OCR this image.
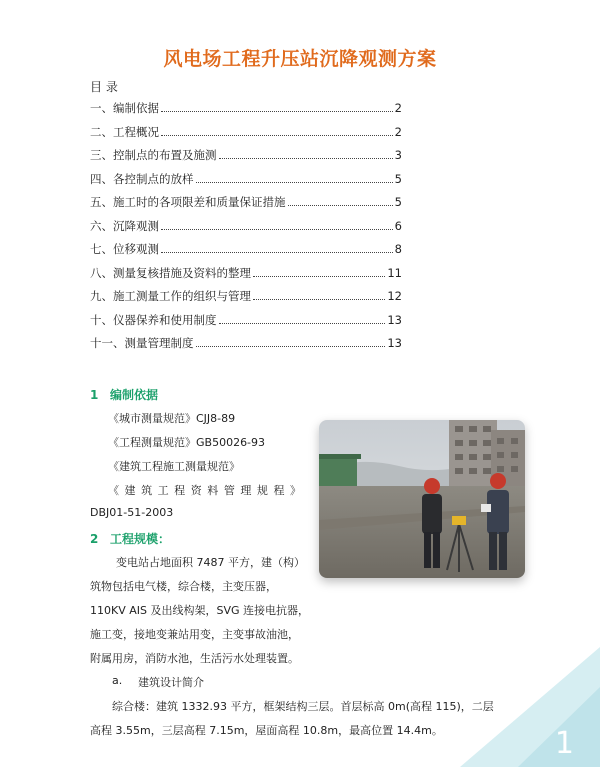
风电场工程升压站沉降观测方案
目 录
一、编制依据	2
二、工程概况	2
三、控制点的布置及施测	3
四、各控制点的放样	5
五、施工时的各项限差和质量保证措施	5
六、沉降观测	6
七、位移观测	8
八、测量复核措施及资料的整理	11
九、施工测量工作的组织与管理	12
十、仪器保养和使用制度	13
十一、测量管理制度	13
1 编制依据
《城市测量规范》CJJ8-89
《工程测量规范》GB50026-93
《建筑工程施工测量规范》
《建筑工程资料管理规程》
DBJ01-51-2003
2 工程规模：
变电站占地面积 7487 平方，建（构）
筑物包括电气楼，综合楼，主变压器，
110KV AIS 及出线构架，SVG 连接电抗器，
施工变，接地变兼站用变，主变事故油池，
附属用房，消防水池，生活污水处理装置。
a. 建筑设计简介
综合楼：建筑 1332.93 平方，框架结构三层。首层标高 0m(高程 115)，二层
高程 3.55m，三层高程 7.15m，屋面高程 10.8m，最高位置 14.4m。	1
